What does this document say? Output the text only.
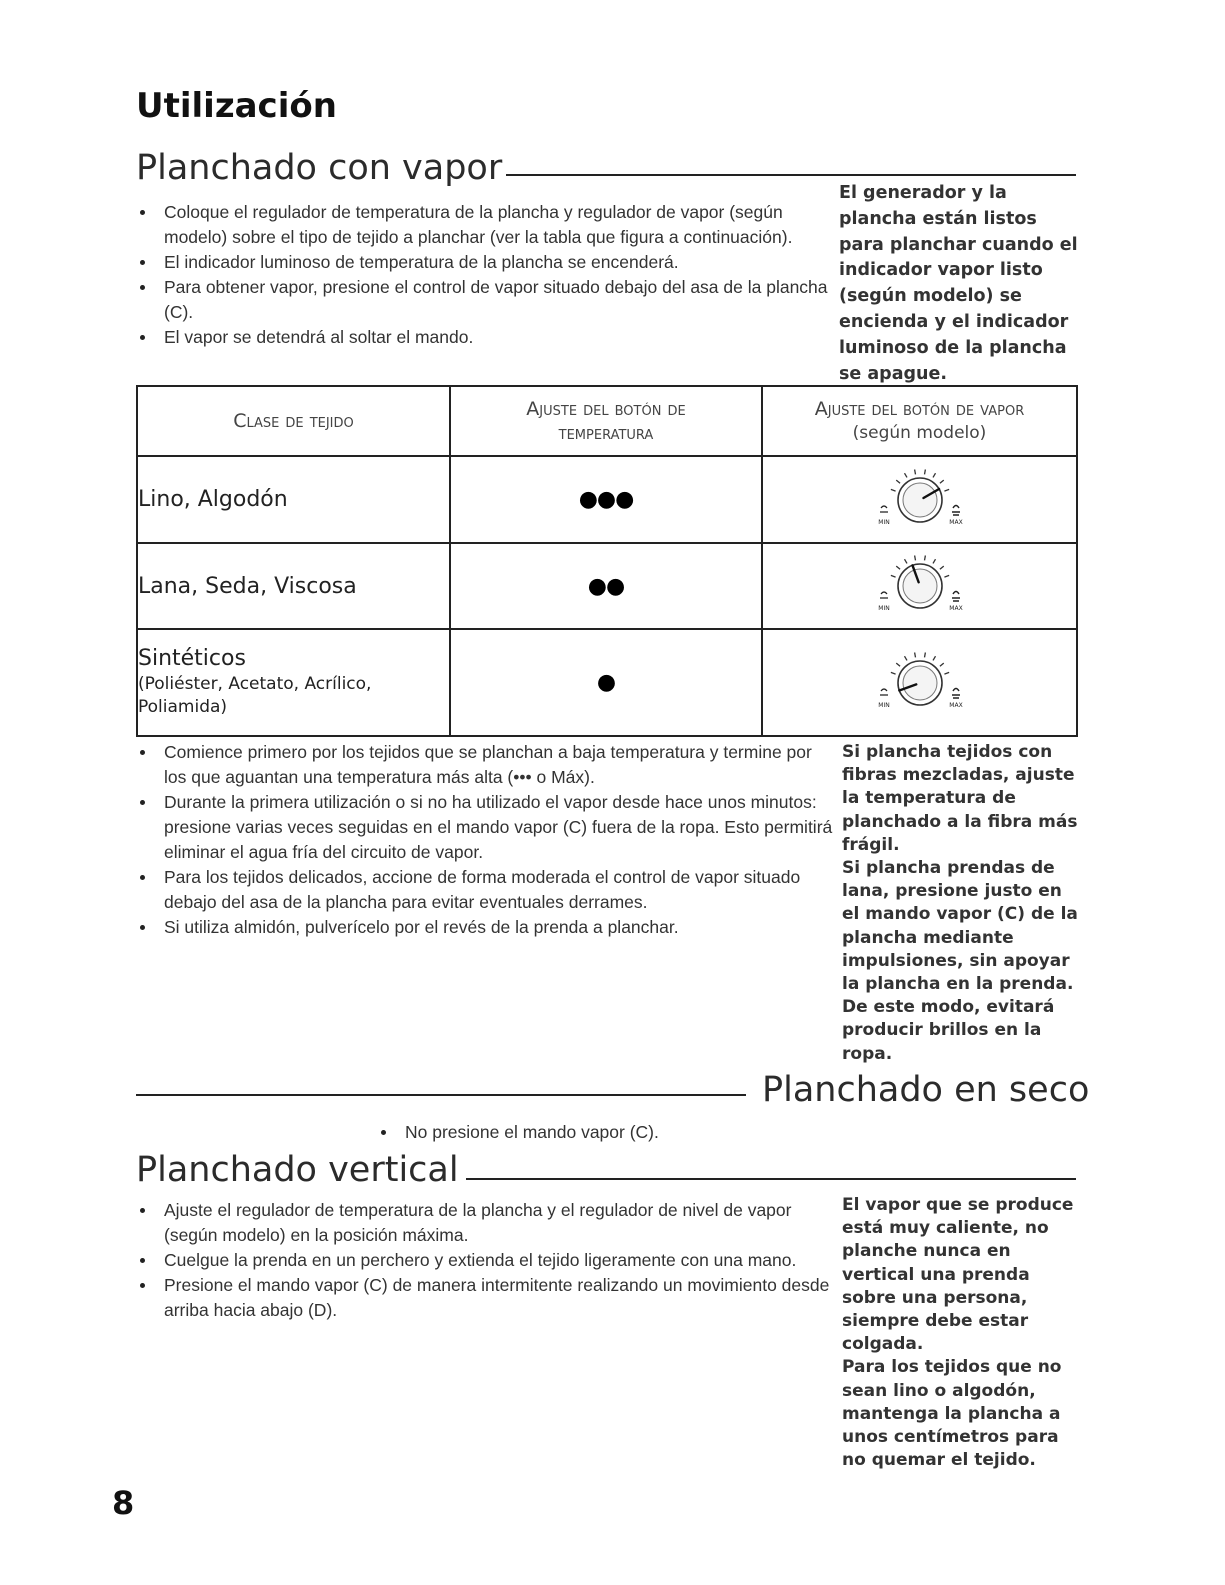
Utilización
Planchado con vapor
Coloque el regulador de temperatura de la plancha y regulador de vapor (según modelo) sobre el tipo de tejido a planchar (ver la tabla que figura a continuación).
El indicador luminoso de temperatura de la plancha se encenderá.
Para obtener vapor, presione el control de vapor situado debajo del asa de la plancha (C).
El vapor se detendrá al soltar el mando.
El generador y la plancha están listos para planchar cuando el indicador vapor listo (según modelo) se encienda y el indicador luminoso de la plancha se apague.
Clase de tejido	Ajuste del botón de temperatura	Ajuste del botón de vapor
(según modelo)

Lino, Algodón	●●●	MIN MAX

Lana, Seda, Viscosa	●●	MIN MAX

Sintéticos
(Poliéster, Acetato, Acrílico, Poliamida)	●	MIN MAX
Comience primero por los tejidos que se planchan a baja temperatura y termine por los que aguantan una temperatura más alta (••• o Máx).
Durante la primera utilización o si no ha utilizado el vapor desde hace unos minutos: presione varias veces seguidas en el mando vapor (C) fuera de la ropa. Esto permitirá eliminar el agua fría del circuito de vapor.
Para los tejidos delicados, accione de forma moderada el control de vapor situado debajo del asa de la plancha para evitar eventuales derrames.
Si utiliza almidón, pulverícelo por el revés de la prenda a planchar.
Si plancha tejidos con fibras mezcladas, ajuste la temperatura de planchado a la fibra más frágil.
Si plancha prendas de lana, presione justo en el mando vapor (C) de la plancha mediante impulsiones, sin apoyar la plancha en la prenda. De este modo, evitará producir brillos en la ropa.
Planchado en seco
No presione el mando vapor (C).
Planchado vertical
Ajuste el regulador de temperatura de la plancha y el regulador de nivel de vapor (según modelo) en la posición máxima.
Cuelgue la prenda en un perchero y extienda el tejido ligeramente con una mano.
Presione el mando vapor (C) de manera intermitente realizando un movimiento desde arriba hacia abajo (D).
El vapor que se produce está muy caliente, no planche nunca en vertical una prenda sobre una persona, siempre debe estar colgada.
Para los tejidos que no sean lino o algodón, mantenga la plancha a unos centímetros para no quemar el tejido.
8
